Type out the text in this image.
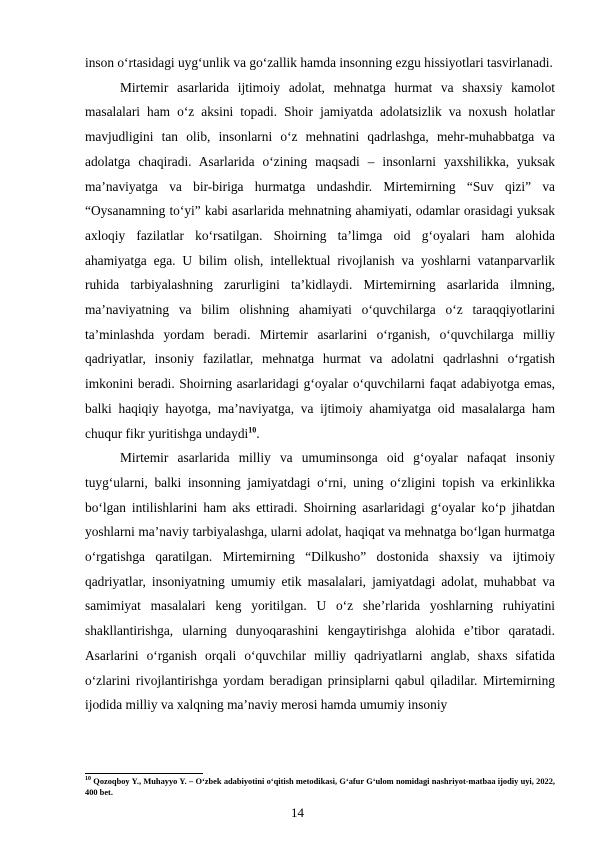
inson o‘rtasidagi uyg‘unlik va go‘zallik hamda insonning ezgu hissiyotlari tasvirlanadi.

Mirtemir asarlarida ijtimoiy adolat, mehnatga hurmat va shaxsiy kamolot masalalari ham o‘z aksini topadi. Shoir jamiyatda adolatsizlik va noxush holatlar mavjudligini tan olib, insonlarni o‘z mehnatini qadrlashga, mehr-muhabbatga va adolatga chaqiradi. Asarlarida o‘zining maqsadi – insonlarni yaxshilikka, yuksak ma’naviyatga va bir-biriga hurmatga undashdir. Mirtemirning “Suv qizi” va “Oysanamning to‘yi” kabi asarlarida mehnatning ahamiyati, odamlar orasidagi yuksak axloqiy fazilatlar ko‘rsatilgan. Shoirning ta’limga oid g‘oyalari ham alohida ahamiyatga ega. U bilim olish, intellektual rivojlanish va yoshlarni vatanparvarlik ruhida tarbiyalashning zarurligini ta’kidlaydi. Mirtemirning asarlarida ilmning, ma’naviyatning va bilim olishning ahamiyati o‘quvchilarga o‘z taraqqiyotlarini ta’minlashda yordam beradi. Mirtemir asarlarini o‘rganish, o‘quvchilarga milliy qadriyatlar, insoniy fazilatlar, mehnatga hurmat va adolatni qadrlashni o‘rgatish imkonini beradi. Shoirning asarlaridagi g‘oyalar o‘quvchilarni faqat adabiyotga emas, balki haqiqiy hayotga, ma’naviyatga, va ijtimoiy ahamiyatga oid masalalarga ham chuqur fikr yuritishga undaydi$^{10}$.

Mirtemir asarlarida milliy va umuminsonga oid g‘oyalar nafaqat insoniy tuyg‘ularni, balki insonning jamiyatdagi o‘rni, uning o‘zligini topish va erkinlikka bo‘lgan intilishlarini ham aks ettiradi. Shoirning asarlaridagi g‘oyalar ko‘p jihatdan yoshlarni ma’naviy tarbiyalashga, ularni adolat, haqiqat va mehnatga bo‘lgan hurmatga o‘rgatishga qaratilgan. Mirtemirning “Dilkusho” dostonida shaxsiy va ijtimoiy qadriyatlar, insoniyatning umumiy etik masalalari, jamiyatdagi adolat, muhabbat va samimiyat masalalari keng yoritilgan. U o‘z she’rlarida yoshlarning ruhiyatini shakllantirishga, ularning dunyoqarashini kengaytirishga alohida e’tibor qaratadi. Asarlarini o‘rganish orqali o‘quvchilar milliy qadriyatlarni anglab, shaxs sifatida o‘zlarini rivojlantirishga yordam beradigan prinsiplarni qabul qiladilar. Mirtemirning ijodida milliy va xalqning ma’naviy merosi hamda umumiy insoniy

$^{10}$ Qozoqboy Y., Muhayyo Y. – O‘zbek adabiyotini o‘qitish metodikasi, G‘afur G‘ulom nomidagi nashriyot-matbaa ijodiy uyi, 2022, 400 bet.
14
